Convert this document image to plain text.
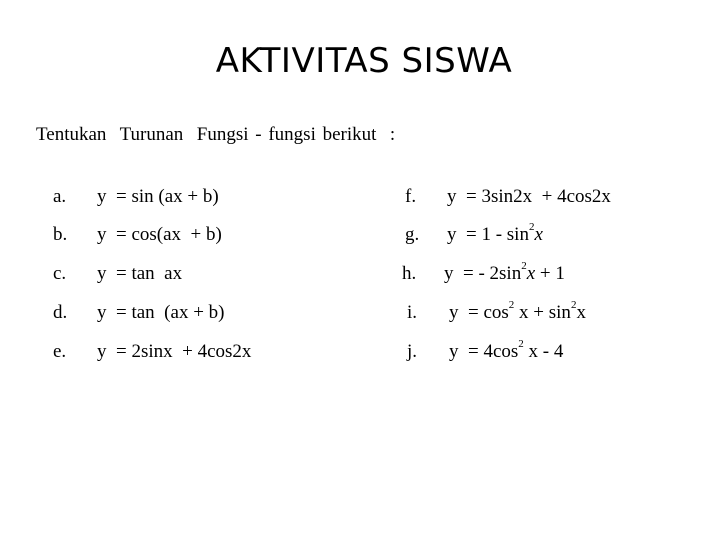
AKTIVITAS SISWA
Tentukan  Turunan  Fungsi - fungsi berikut  :

a. y  = sin (ax + b)

b. y  = cos(ax  + b)

c. y  = tan  ax

d. y  = tan  (ax + b)

e. y  = 2sinx  + 4cos2x

f. y  = 3sin2x  + 4cos2x

g. $y = 1 - \sin^2x$

h. y  = - $2\sin^2x + 1$

i. $y = \cos^2 x + \sin^2x$

j. $y = 4\cos^2$ x - 4
